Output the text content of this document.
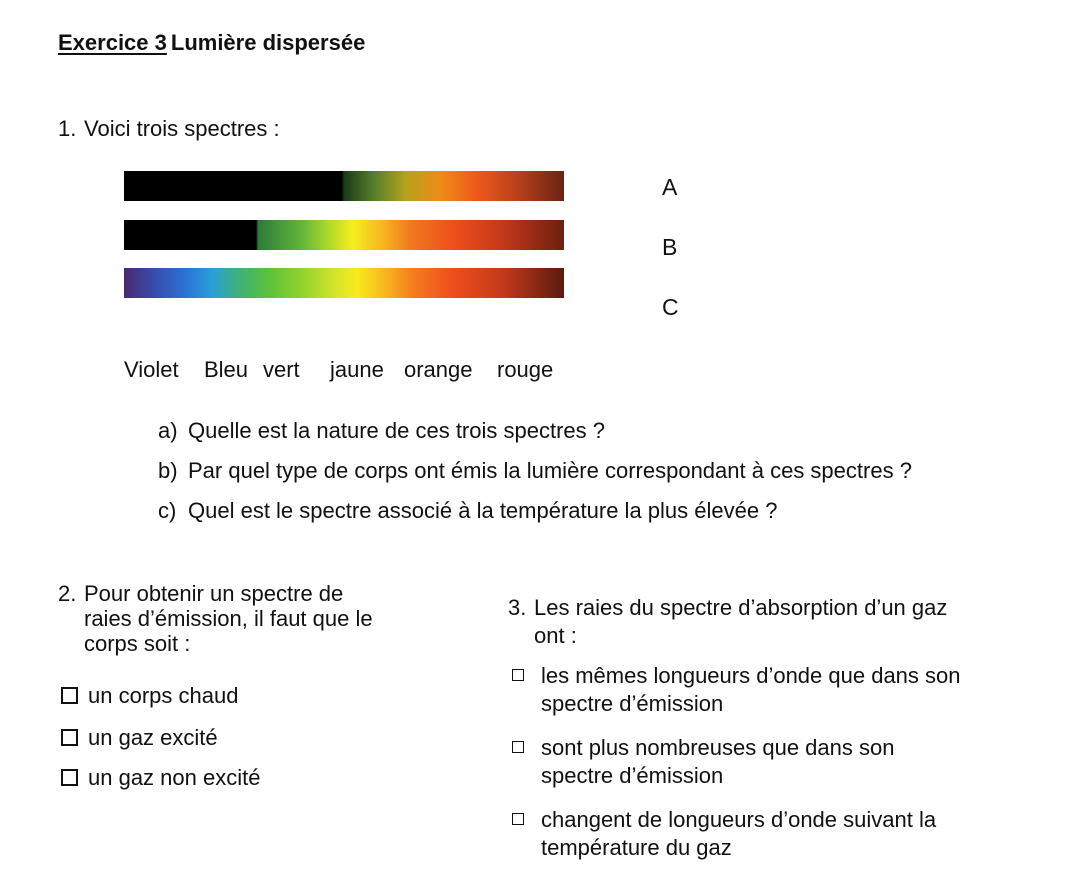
Exercice 3 Lumière dispersée
1. Voici trois spectres :
A
B
C
Violet Bleu vert jaune orange rouge
a) Quelle est la nature de ces trois spectres ?
b) Par quel type de corps ont émis la lumière correspondant à ces spectres ?
c) Quel est le spectre associé à la température la plus élevée ?
2. Pour obtenir un spectre de
raies d’émission, il faut que le
corps soit :
un corps chaud
un gaz excité
un gaz non excité
3. Les raies du spectre d’absorption d’un gaz
ont :
les mêmes longueurs d’onde que dans son
spectre d’émission
sont plus nombreuses que dans son
spectre d’émission
changent de longueurs d’onde suivant la
température du gaz
